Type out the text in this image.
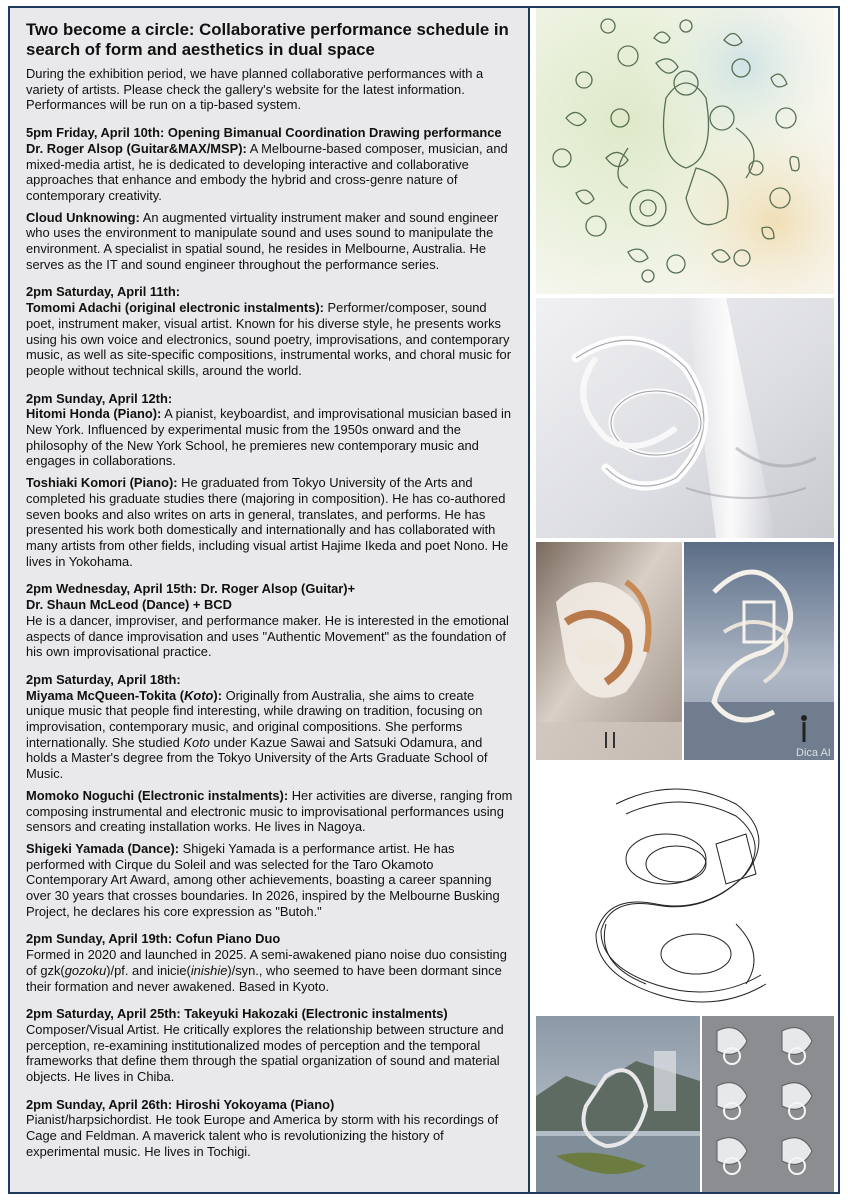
Two become a circle: Collaborative performance schedule in search of form and aesthetics in dual space

During the exhibition period, we have planned collaborative performances with a variety of artists. Please check the gallery's website for the latest information. Performances will be run on a tip-based system.

5pm Friday, April 10th: Opening Bimanual Coordination Drawing performance
Dr. Roger Alsop (Guitar&MAX/MSP): A Melbourne-based composer, musician, and mixed-media artist, he is dedicated to developing interactive and collaborative approaches that enhance and embody the hybrid and cross-genre nature of contemporary creativity.

Cloud Unknowing: An augmented virtuality instrument maker and sound engineer who uses the environment to manipulate sound and uses sound to manipulate the environment. A specialist in spatial sound, he resides in Melbourne, Australia. He serves as the IT and sound engineer throughout the performance series.

2pm Saturday, April 11th:
Tomomi Adachi (original electronic instalments): Performer/composer, sound poet, instrument maker, visual artist. Known for his diverse style, he presents works using his own voice and electronics, sound poetry, improvisations, and contemporary music, as well as site-specific compositions, instrumental works, and choral music for people without technical skills, around the world.

2pm Sunday, April 12th:
Hitomi Honda (Piano): A pianist, keyboardist, and improvisational musician based in New York. Influenced by experimental music from the 1950s onward and the philosophy of the New York School, he premieres new contemporary music and engages in collaborations.

Toshiaki Komori (Piano): He graduated from Tokyo University of the Arts and completed his graduate studies there (majoring in composition). He has co-authored seven books and also writes on arts in general, translates, and performs. He has presented his work both domestically and internationally and has collaborated with many artists from other fields, including visual artist Hajime Ikeda and poet Nono. He lives in Yokohama.

2pm Wednesday, April 15th: Dr. Roger Alsop (Guitar)+
Dr. Shaun McLeod (Dance) + BCD
He is a dancer, improviser, and performance maker. He is interested in the emotional aspects of dance improvisation and uses "Authentic Movement" as the foundation of his own improvisational practice.

2pm Saturday, April 18th:
Miyama McQueen-Tokita (Koto): Originally from Australia, she aims to create unique music that people find interesting, while drawing on tradition, focusing on improvisation, contemporary music, and original compositions. She performs internationally. She studied Koto under Kazue Sawai and Satsuki Odamura, and holds a Master's degree from the Tokyo University of the Arts Graduate School of Music.

Momoko Noguchi (Electronic instalments): Her activities are diverse, ranging from composing instrumental and electronic music to improvisational performances using sensors and creating installation works. He lives in Nagoya.

Shigeki Yamada (Dance): Shigeki Yamada is a performance artist. He has performed with Cirque du Soleil and was selected for the Taro Okamoto Contemporary Art Award, among other achievements, boasting a career spanning over 30 years that crosses boundaries. In 2026, inspired by the Melbourne Busking Project, he declares his core expression as "Butoh."

2pm Sunday, April 19th: Cofun Piano Duo
Formed in 2020 and launched in 2025. A semi-awakened piano noise duo consisting of gzk(gozoku)/pf. and inicie(inishie)/syn., who seemed to have been dormant since their formation and never awakened. Based in Kyoto.

2pm Saturday, April 25th: Takeyuki Hakozaki (Electronic instalments)
Composer/Visual Artist. He critically explores the relationship between structure and perception, re-examining institutionalized modes of perception and the temporal frameworks that define them through the spatial organization of sound and material objects. He lives in Chiba.

2pm Sunday, April 26th: Hiroshi Yokoyama (Piano)
Pianist/harpsichordist. He took Europe and America by storm with his recordings of Cage and Feldman. A maverick talent who is revolutionizing the history of experimental music. He lives in Tochigi.

Dica AI
